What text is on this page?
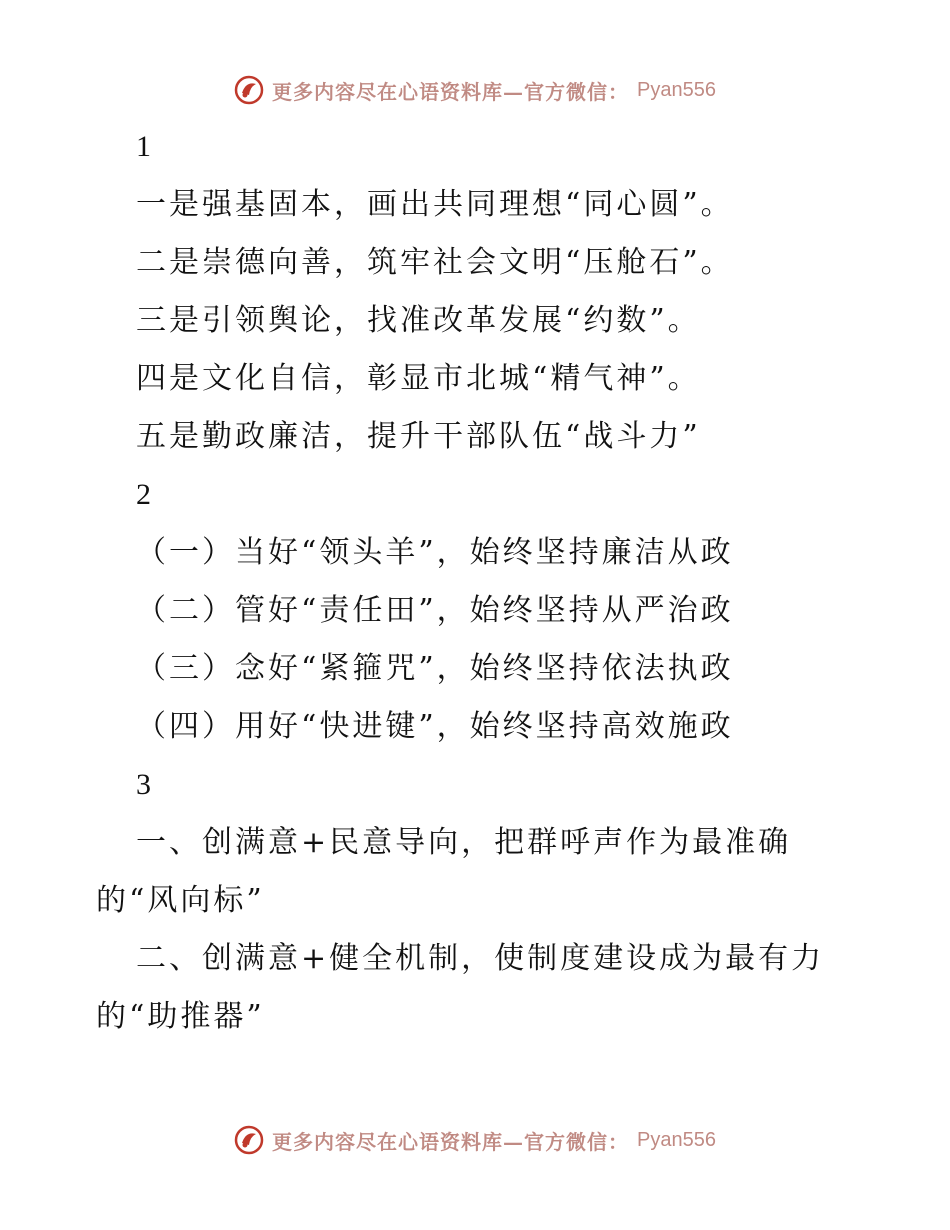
更多内容尽在心语资料库—官方微信： Pyan556
1
一是强基固本，画出共同理想“同心圆”。
二是崇德向善，筑牢社会文明“压舱石”。
三是引领舆论，找准改革发展“约数”。
四是文化自信，彰显市北城“精气神”。
五是勤政廉洁，提升干部队伍“战斗力”
2
（一）当好“领头羊”，始终坚持廉洁从政
（二）管好“责任田”，始终坚持从严治政
（三）念好“紧箍咒”，始终坚持依法执政
（四）用好“快进键”，始终坚持高效施政
3
一、创满意+民意导向，把群呼声作为最准确
的“风向标”
二、创满意+健全机制，使制度建设成为最有力
的“助推器”
更多内容尽在心语资料库—官方微信： Pyan556
